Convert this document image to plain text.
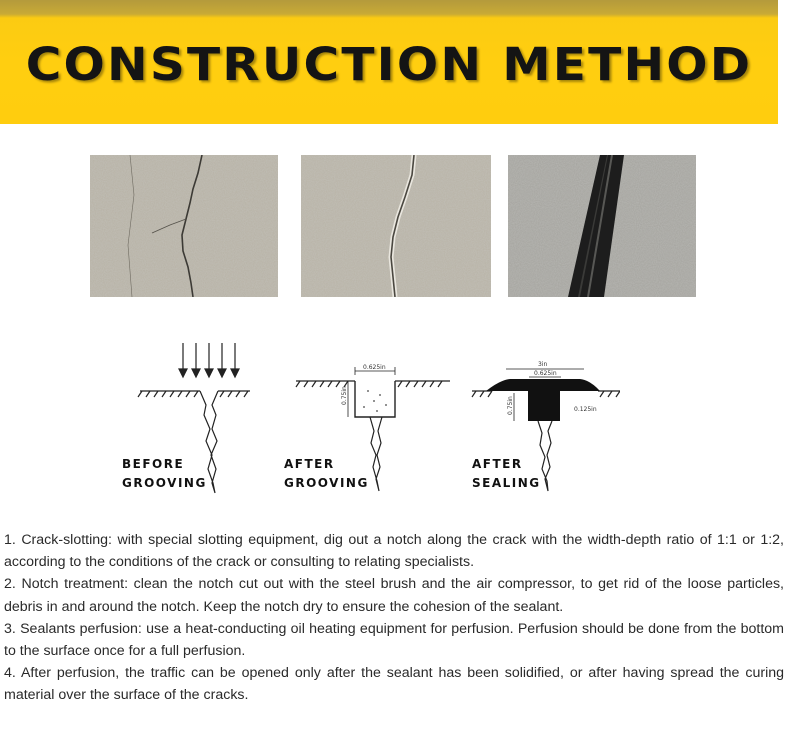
CONSTRUCTION METHOD
BEFORE
GROOVING
0.625in
0.75in
AFTER
GROOVING
3in
0.625in
0.75in	0.125in
AFTER
SEALING

1. Crack-slotting: with special slotting equipment, dig out a notch along the crack with the width-depth ratio of 1:1 or 1:2, according to the conditions of the crack or consulting to relating specialists.

2. Notch treatment: clean the notch cut out with the steel brush and the air compressor, to get rid of the loose particles, debris in and around the notch. Keep the notch dry to ensure the cohesion of the sealant.

3. Sealants perfusion: use a heat-conducting oil heating equipment for perfusion. Perfusion should be done from the bottom to the surface once for a full perfusion.

4. After perfusion, the traffic can be opened only after the sealant has been solidified, or after having spread the curing material over the surface of the cracks.
